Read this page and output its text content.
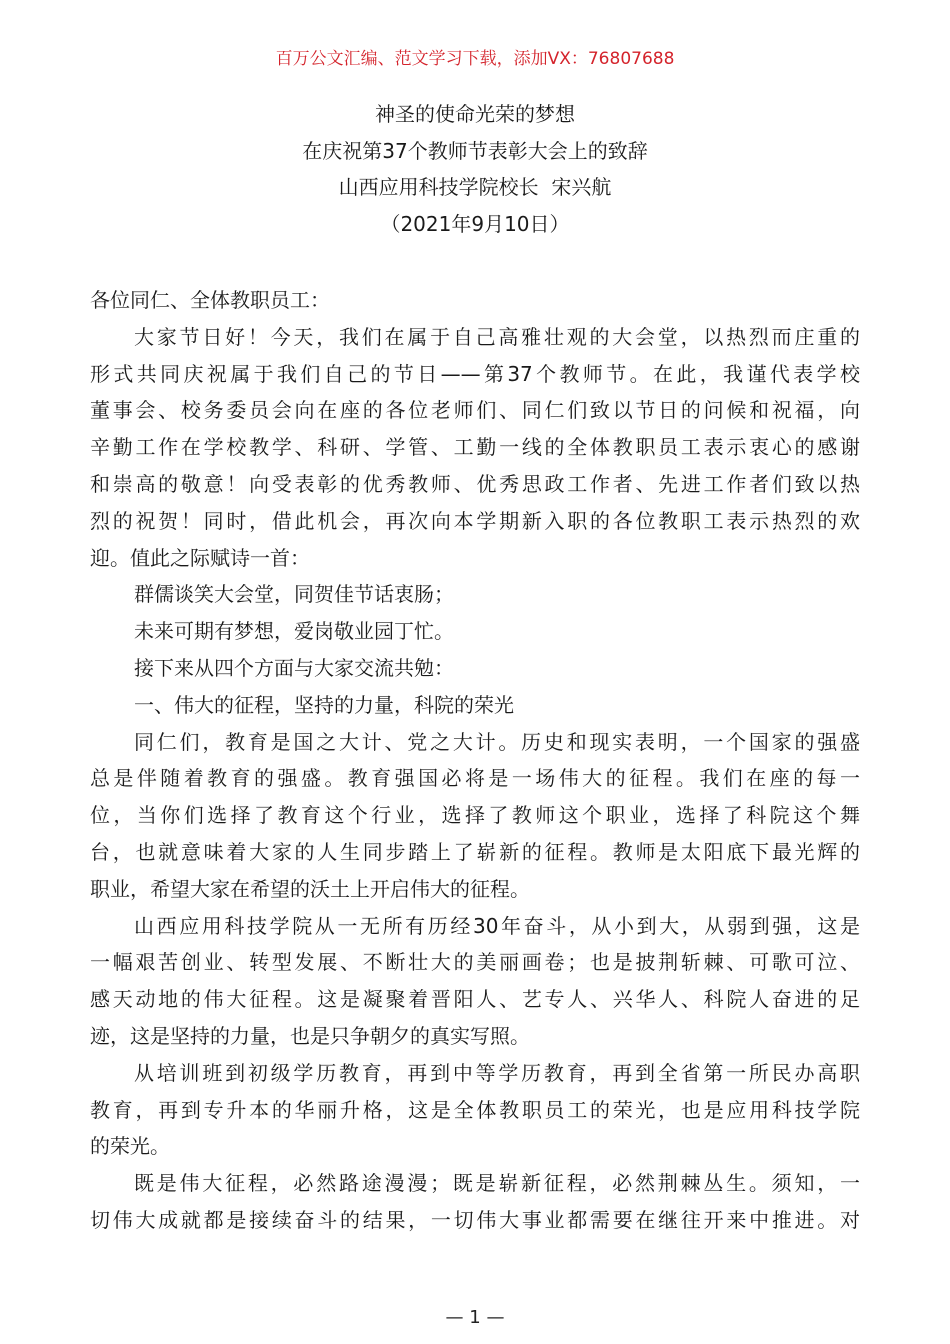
百万公文汇编、范文学习下载，添加VX：76807688
神圣的使命光荣的梦想
在庆祝第37个教师节表彰大会上的致辞
山西应用科技学院校长  宋兴航
（2021年9月10日）
各位同仁、全体教职员工：
大家节日好！今天，我们在属于自己高雅壮观的大会堂，以热烈而庄重的
形式共同庆祝属于我们自己的节日——第37个教师节。在此，我谨代表学校
董事会、校务委员会向在座的各位老师们、同仁们致以节日的问候和祝福，向
辛勤工作在学校教学、科研、学管、工勤一线的全体教职员工表示衷心的感谢
和崇高的敬意！向受表彰的优秀教师、优秀思政工作者、先进工作者们致以热
烈的祝贺！同时，借此机会，再次向本学期新入职的各位教职工表示热烈的欢
迎。值此之际赋诗一首：
群儒谈笑大会堂，同贺佳节话衷肠；
未来可期有梦想，爱岗敬业园丁忙。
接下来从四个方面与大家交流共勉：
一、伟大的征程，坚持的力量，科院的荣光
同仁们，教育是国之大计、党之大计。历史和现实表明，一个国家的强盛
总是伴随着教育的强盛。教育强国必将是一场伟大的征程。我们在座的每一
位，当你们选择了教育这个行业，选择了教师这个职业，选择了科院这个舞
台，也就意味着大家的人生同步踏上了崭新的征程。教师是太阳底下最光辉的
职业，希望大家在希望的沃土上开启伟大的征程。
山西应用科技学院从一无所有历经30年奋斗，从小到大，从弱到强，这是
一幅艰苦创业、转型发展、不断壮大的美丽画卷；也是披荆斩棘、可歌可泣、
感天动地的伟大征程。这是凝聚着晋阳人、艺专人、兴华人、科院人奋进的足
迹，这是坚持的力量，也是只争朝夕的真实写照。
从培训班到初级学历教育，再到中等学历教育，再到全省第一所民办高职
教育，再到专升本的华丽升格，这是全体教职员工的荣光，也是应用科技学院
的荣光。
既是伟大征程，必然路途漫漫；既是崭新征程，必然荆棘丛生。须知，一
切伟大成就都是接续奋斗的结果，一切伟大事业都需要在继往开来中推进。对
— 1 —
